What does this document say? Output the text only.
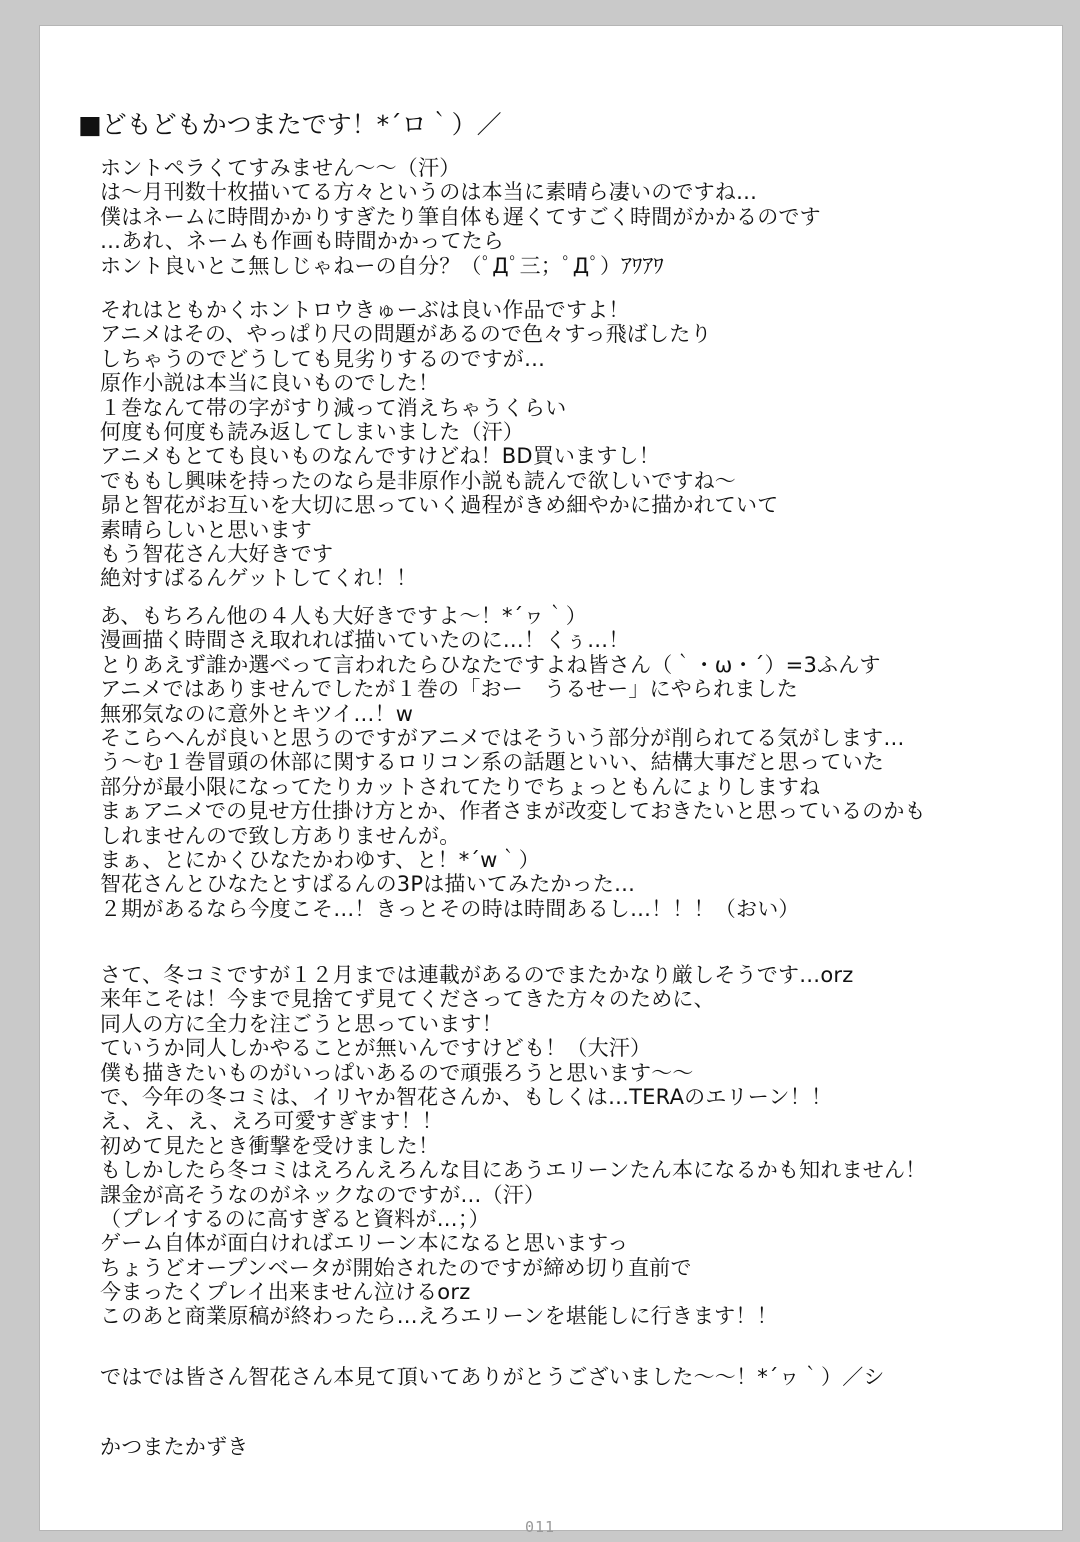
■どもどもかつまたです！*´ロ｀）／
ホントペラくてすみません～～（汗）
は～月刊数十枚描いてる方々というのは本当に素晴ら凄いのですね…
僕はネームに時間かかりすぎたり筆自体も遅くてすごく時間がかかるのです
…あれ、ネームも作画も時間かかってたら
ホント良いとこ無しじゃねーの自分？（ﾟДﾟ三；ﾟДﾟ）ｱﾜｱﾜ
それはともかくホントロウきゅーぶは良い作品ですよ！
アニメはその、やっぱり尺の問題があるので色々すっ飛ばしたり
しちゃうのでどうしても見劣りするのですが…
原作小説は本当に良いものでした！
１巻なんて帯の字がすり減って消えちゃうくらい
何度も何度も読み返してしまいました（汗）
アニメもとても良いものなんですけどね！BD買いますし！
でももし興味を持ったのなら是非原作小説も読んで欲しいですね～
昴と智花がお互いを大切に思っていく過程がきめ細やかに描かれていて
素晴らしいと思います
もう智花さん大好きです
絶対すばるんゲットしてくれ！！
あ、もちろん他の４人も大好きですよ～！*´ヮ｀）
漫画描く時間さえ取れれば描いていたのに…！くぅ…！
とりあえず誰か選べって言われたらひなたですよね皆さん（｀・ω・´）=3ふんす
アニメではありませんでしたが１巻の「おー　うるせー」にやられました
無邪気なのに意外とキツイ…！w
そこらへんが良いと思うのですがアニメではそういう部分が削られてる気がします…
う～む１巻冒頭の休部に関するロリコン系の話題といい、結構大事だと思っていた
部分が最小限になってたりカットされてたりでちょっともんにょりしますね
まぁアニメでの見せ方仕掛け方とか、作者さまが改変しておきたいと思っているのかも
しれませんので致し方ありませんが。
まぁ、とにかくひなたかわゆす、と！*´w｀）
智花さんとひなたとすばるんの3Pは描いてみたかった…
２期があるなら今度こそ…！きっとその時は時間あるし…！！！（おい）
さて、冬コミですが１２月までは連載があるのでまたかなり厳しそうです…orz
来年こそは！今まで見捨てず見てくださってきた方々のために、
同人の方に全力を注ごうと思っています！
ていうか同人しかやることが無いんですけども！（大汗）
僕も描きたいものがいっぱいあるので頑張ろうと思います～～
で、今年の冬コミは、イリヤか智花さんか、もしくは…TERAのエリーン！！
え、え、え、えろ可愛すぎます！！
初めて見たとき衝撃を受けました！
もしかしたら冬コミはえろんえろんな目にあうエリーンたん本になるかも知れません！
課金が高そうなのがネックなのですが…（汗）
（プレイするのに高すぎると資料が…；）
ゲーム自体が面白ければエリーン本になると思いますっ
ちょうどオープンベータが開始されたのですが締め切り直前で
今まったくプレイ出来ません泣けるorz
このあと商業原稿が終わったら…えろエリーンを堪能しに行きます！！
ではでは皆さん智花さん本見て頂いてありがとうございました～～！*´ヮ｀）／シ
かつまたかずき
011
